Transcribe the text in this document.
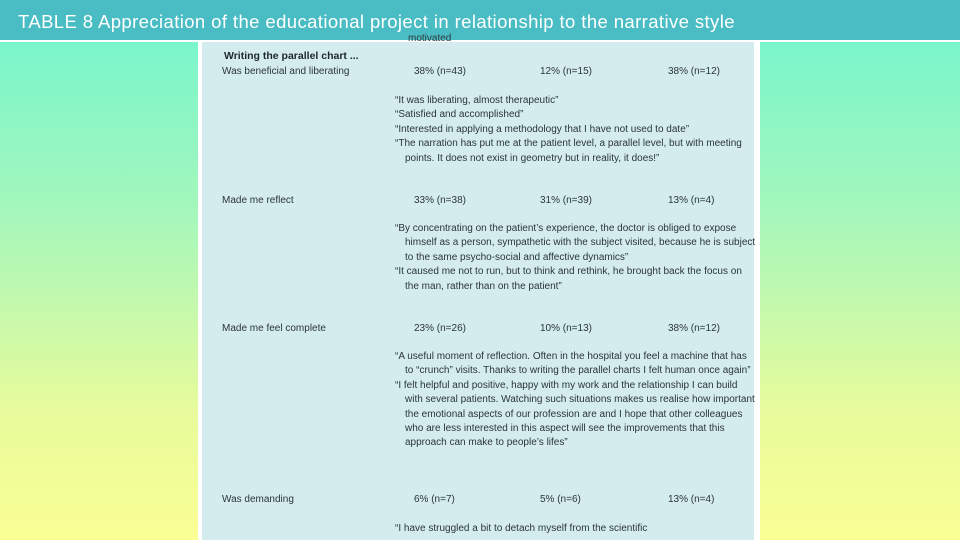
TABLE 8 Appreciation of the educational project in relationship to the narrative style
motivated
Writing the parallel chart ...
Was beneficial and liberating	38% (n=43)	12% (n=15)	38% (n=12)
“It was liberating, almost therapeutic”
“Satisfied and accomplished”
“Interested in applying a methodology that I have not used to date”
“The narration has put me at the patient level, a parallel level, but with meeting points. It does not exist in geometry but in reality, it does!”
Made me reflect	33% (n=38)	31% (n=39)	13% (n=4)
“By concentrating on the patient’s experience, the doctor is obliged to expose himself as a person, sympathetic with the subject visited, because he is subject to the same psycho-social and affective dynamics”
“It caused me not to run, but to think and rethink, he brought back the focus on the man, rather than on the patient”
Made me feel complete	23% (n=26)	10% (n=13)	38% (n=12)
“A useful moment of reflection. Often in the hospital you feel a machine that has to “crunch” visits. Thanks to writing the parallel charts I felt human once again”
“I felt helpful and positive, happy with my work and the relationship I can build with several patients. Watching such situations makes us realise how important the emotional aspects of our profession are and I hope that other colleagues who are less interested in this aspect will see the improvements that this approach can make to people’s lifes”
Was demanding	6% (n=7)	5% (n=6)	13% (n=4)
“I have struggled a bit to detach myself from the scientific
